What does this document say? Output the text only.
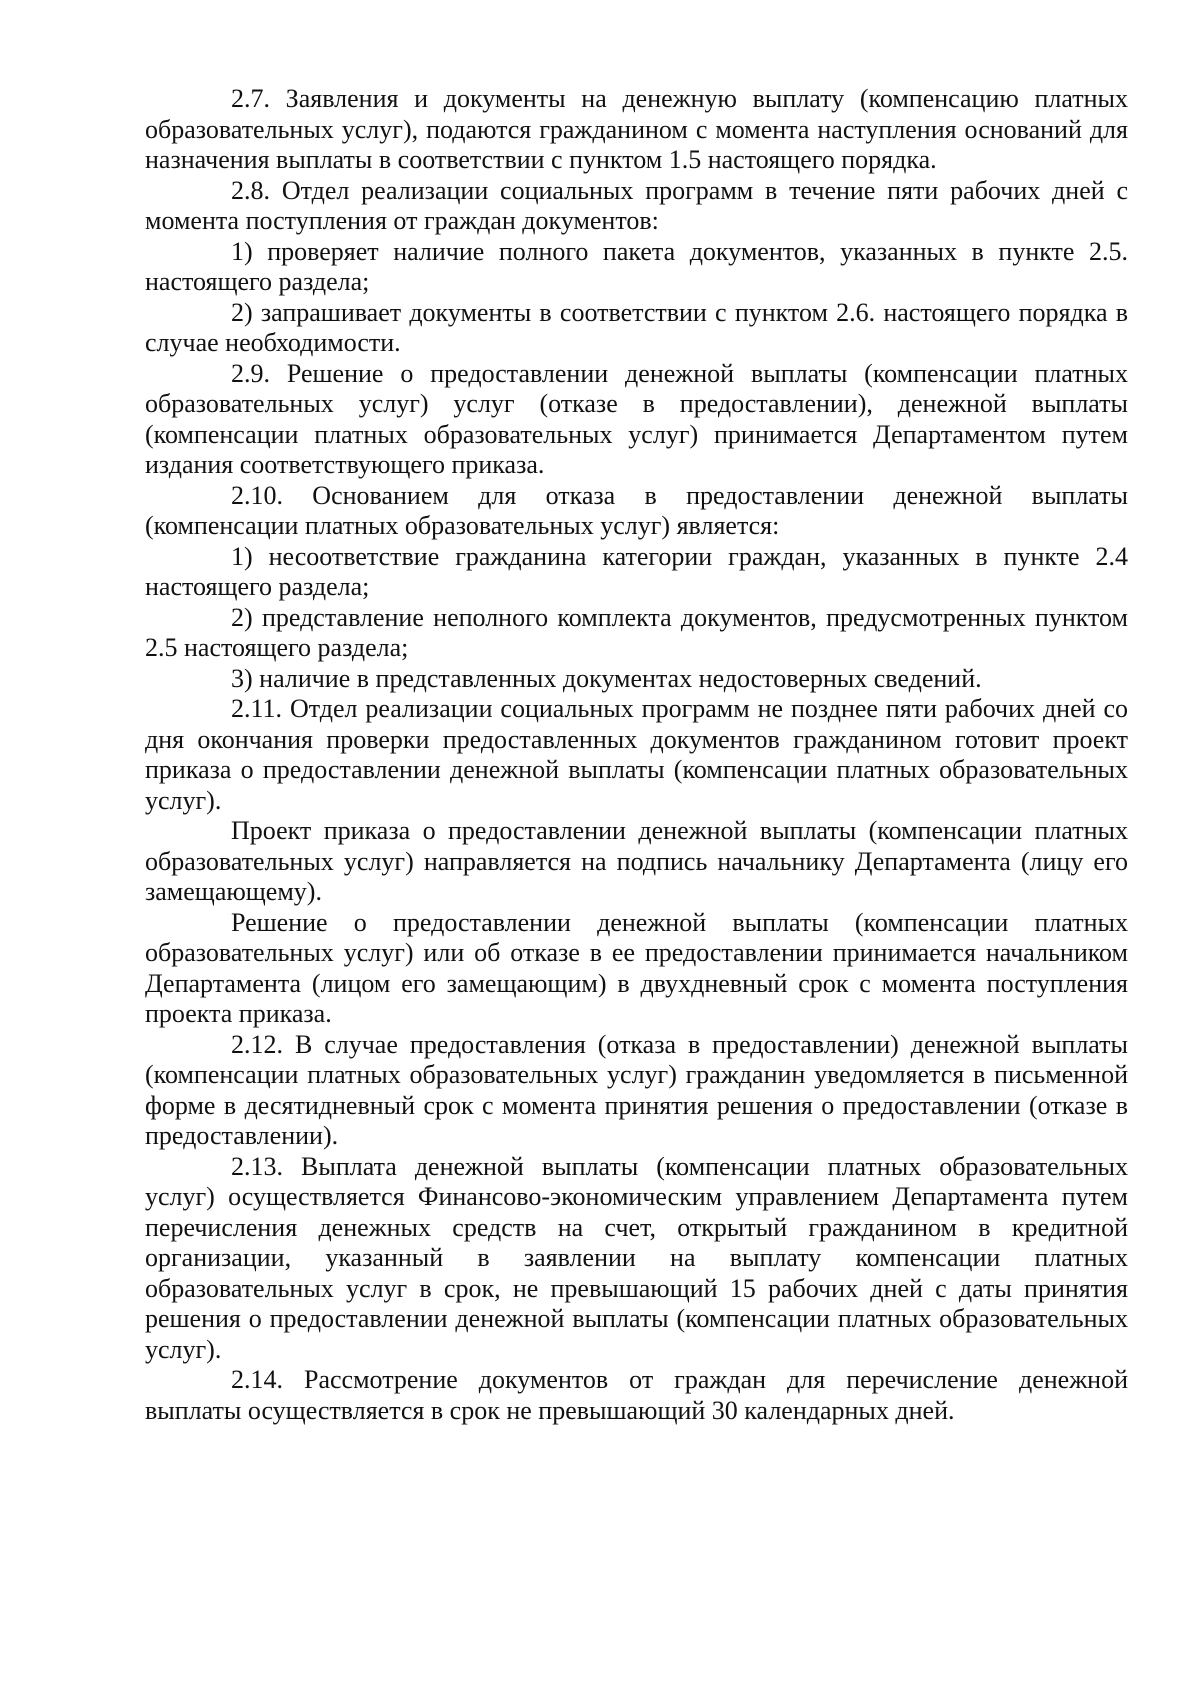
2.7. Заявления и документы на денежную выплату (компенсацию платных образовательных услуг), подаются гражданином с момента наступления оснований для назначения выплаты в соответствии с пунктом 1.5 настоящего порядка.

2.8. Отдел реализации социальных программ в течение пяти рабочих дней с момента поступления от граждан документов:

1) проверяет наличие полного пакета документов, указанных в пункте 2.5. настоящего раздела;

2) запрашивает документы в соответствии с пунктом 2.6. настоящего порядка в случае необходимости.

2.9. Решение о предоставлении денежной выплаты (компенсации платных образовательных услуг) услуг (отказе в предоставлении), денежной выплаты (компенсации платных образовательных услуг) принимается Департаментом путем издания соответствующего приказа.

2.10. Основанием для отказа в предоставлении денежной выплаты (компенсации платных образовательных услуг) является:

1) несоответствие гражданина категории граждан, указанных в пункте 2.4 настоящего раздела;

2) представление неполного комплекта документов, предусмотренных пунктом 2.5 настоящего раздела;

3) наличие в представленных документах недостоверных сведений.

2.11. Отдел реализации социальных программ не позднее пяти рабочих дней со дня окончания проверки предоставленных документов гражданином готовит проект приказа о предоставлении денежной выплаты (компенсации платных образовательных услуг).

Проект приказа о предоставлении денежной выплаты (компенсации платных образовательных услуг) направляется на подпись начальнику Департамента (лицу его замещающему).

Решение о предоставлении денежной выплаты (компенсации платных образовательных услуг) или об отказе в ее предоставлении принимается начальником Департамента (лицом его замещающим) в двухдневный срок с момента поступления проекта приказа.

2.12. В случае предоставления (отказа в предоставлении) денежной выплаты (компенсации платных образовательных услуг) гражданин уведомляется в письменной форме в десятидневный срок с момента принятия решения о предоставлении (отказе в предоставлении).

2.13. Выплата денежной выплаты (компенсации платных образовательных услуг) осуществляется Финансово-экономическим управлением Департамента путем перечисления денежных средств на счет, открытый гражданином в кредитной организации, указанный в заявлении на выплату компенсации платных образовательных услуг в срок, не превышающий 15 рабочих дней с даты принятия решения о предоставлении денежной выплаты (компенсации платных образовательных услуг).

2.14. Рассмотрение документов от граждан для перечисление денежной выплаты осуществляется в срок не превышающий 30 календарных дней.
